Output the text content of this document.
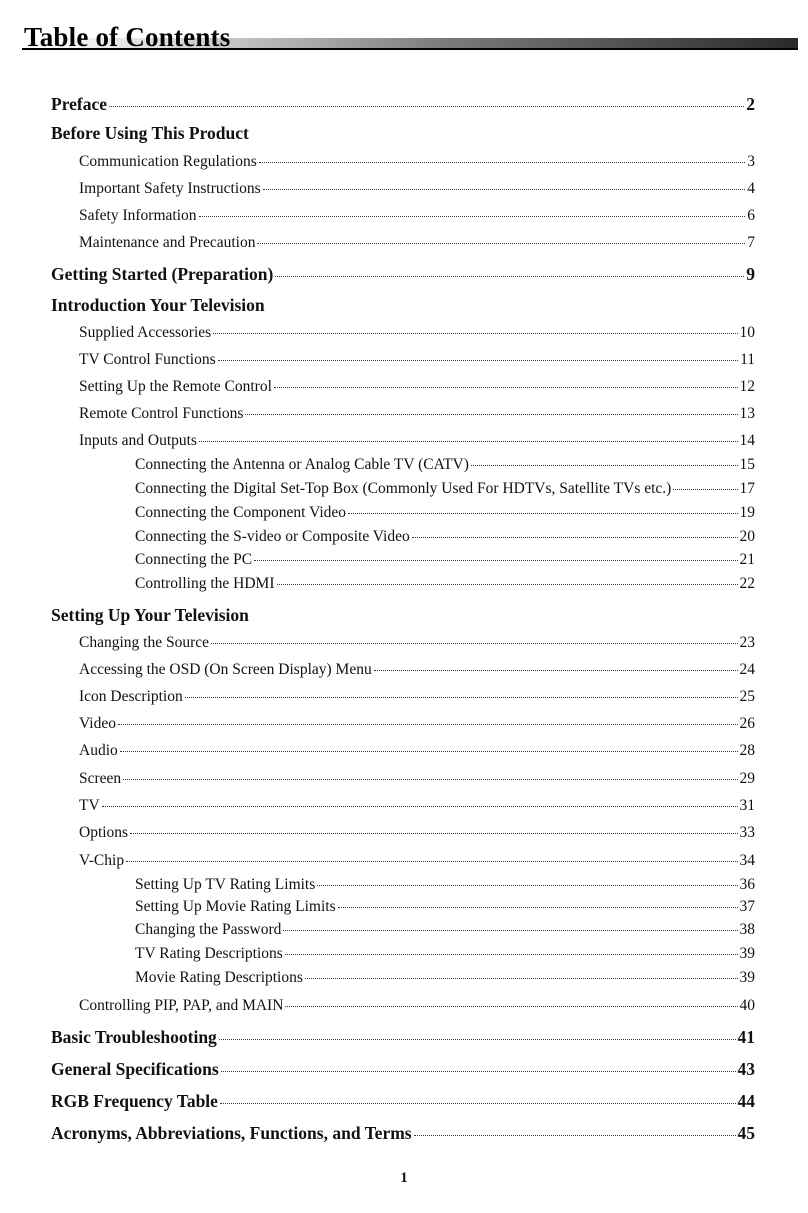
Table of Contents
Preface	2
Before Using This Product
Communication Regulations	3
Important Safety Instructions	4
Safety Information	6
Maintenance and Precaution	7
Getting Started (Preparation)	9
Introduction Your Television
Supplied Accessories	10
TV Control Functions	11
Setting Up the Remote Control	12
Remote Control Functions	13
Inputs and Outputs	14
Connecting the Antenna or Analog Cable TV (CATV)	15
Connecting the Digital Set-Top Box (Commonly Used For HDTVs, Satellite TVs etc.)	17
Connecting the Component Video	19
Connecting the S-video or Composite Video	20
Connecting the PC	21
Controlling the HDMI	22
Setting Up Your Television
Changing the Source	23
Accessing the OSD (On Screen Display) Menu	24
Icon Description	25
Video	26
Audio	28
Screen	29
TV	31
Options	33
V-Chip	34
Setting Up TV Rating Limits	36
Setting Up Movie Rating Limits	37
Changing the Password	38
TV Rating Descriptions	39
Movie Rating Descriptions	39
Controlling PIP, PAP, and MAIN	40
Basic Troubleshooting	41
General Specifications	43
RGB Frequency Table	44
Acronyms, Abbreviations, Functions, and Terms	45
1
